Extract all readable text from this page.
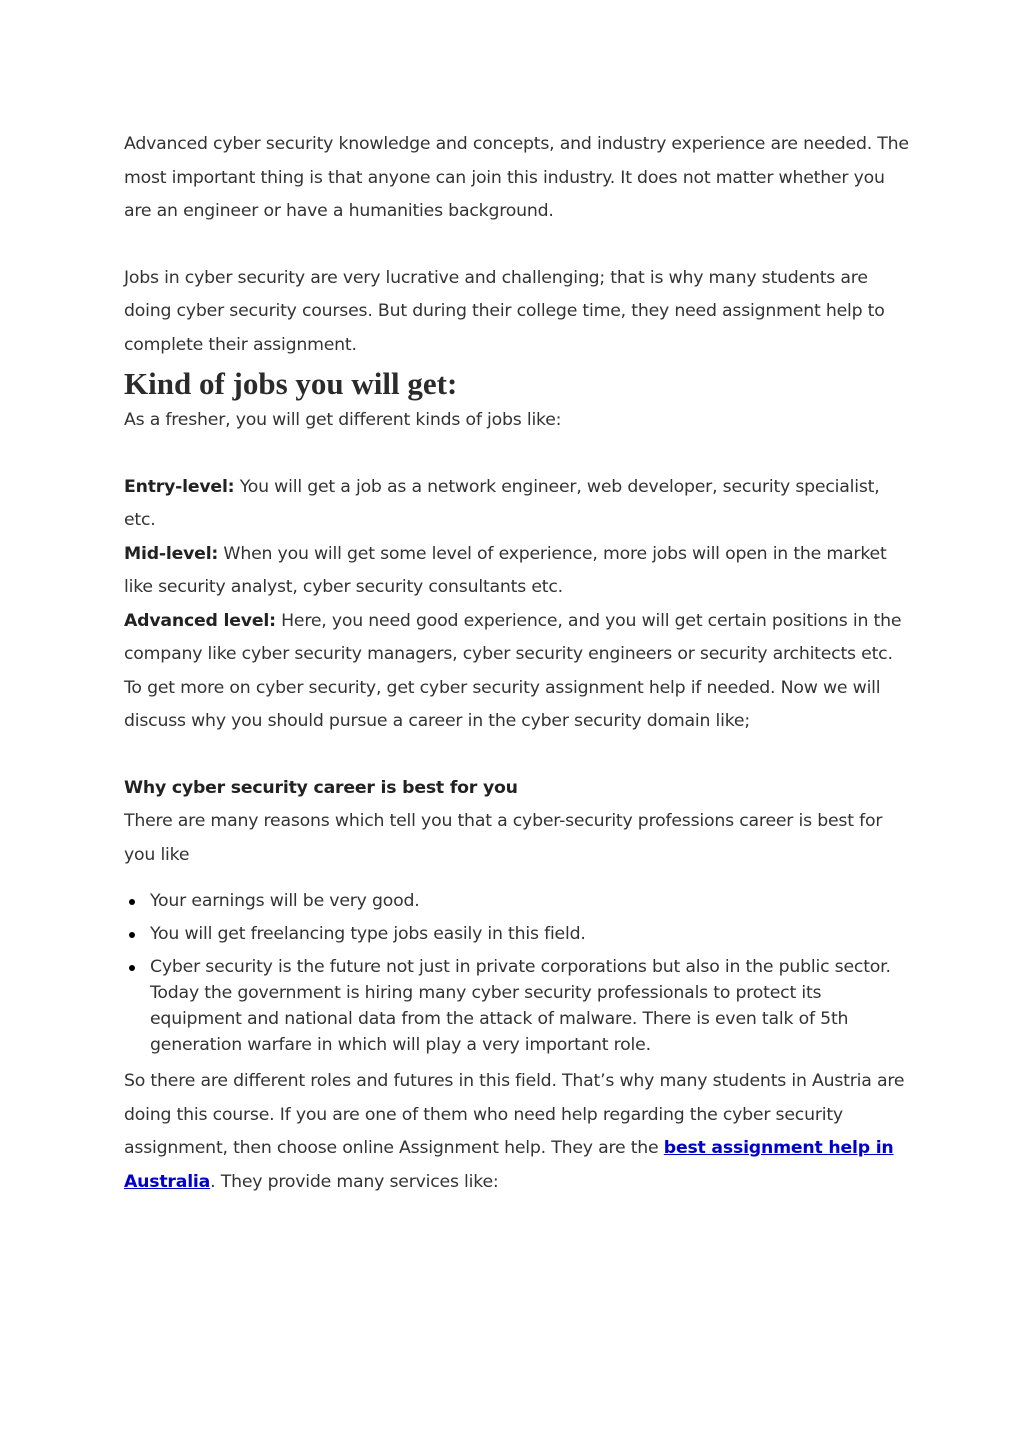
Advanced cyber security knowledge and concepts, and industry experience are needed. The most important thing is that anyone can join this industry. It does not matter whether you are an engineer or have a humanities background.

Jobs in cyber security are very lucrative and challenging; that is why many students are doing cyber security courses. But during their college time, they need assignment help to complete their assignment.

Kind of jobs you will get:

As a fresher, you will get different kinds of jobs like:

Entry-level: You will get a job as a network engineer, web developer, security specialist, etc.

Mid-level: When you will get some level of experience, more jobs will open in the market like security analyst, cyber security consultants etc.

Advanced level: Here, you need good experience, and you will get certain positions in the company like cyber security managers, cyber security engineers or security architects etc.

To get more on cyber security, get cyber security assignment help if needed. Now we will discuss why you should pursue a career in the cyber security domain like;

Why cyber security career is best for you

There are many reasons which tell you that a cyber-security professions career is best for you like

Your earnings will be very good.
You will get freelancing type jobs easily in this field.
Cyber security is the future not just in private corporations but also in the public sector. Today the government is hiring many cyber security professionals to protect its equipment and national data from the attack of malware. There is even talk of 5th generation warfare in which will play a very important role.

So there are different roles and futures in this field. That’s why many students in Austria are doing this course. If you are one of them who need help regarding the cyber security assignment, then choose online Assignment help. They are the best assignment help in Australia. They provide many services like:
